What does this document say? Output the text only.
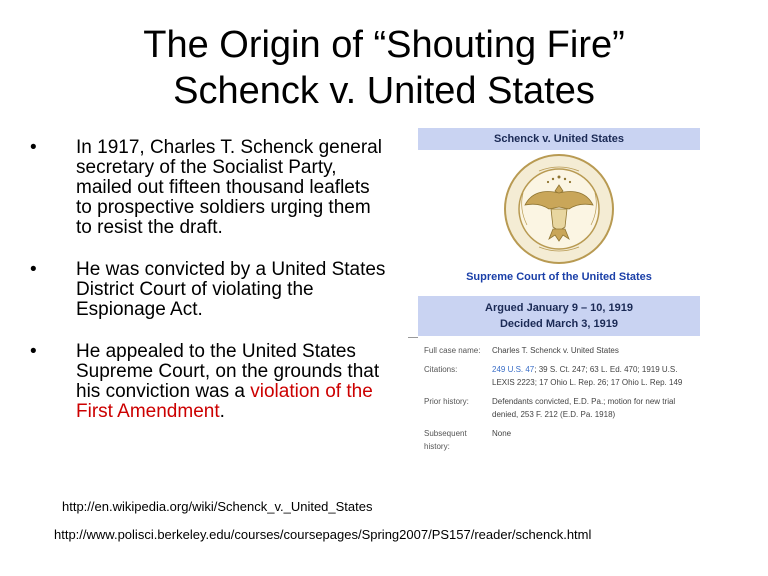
The Origin of “Shouting Fire”
Schenck v. United States
•	In 1917, Charles T. Schenck general secretary of the Socialist Party, mailed out fifteen thousand leaflets to prospective soldiers urging them to resist the draft.
•	He was convicted by a United States District Court of violating the Espionage Act.
•	He appealed to the United States Supreme Court, on the grounds that his conviction was a violation of the First Amendment.
Schenck v. United States
Supreme Court of the United States
Argued January 9 – 10, 1919
Decided March 3, 1919
Full case name:	Charles T. Schenck v. United States
Citations:	249 U.S. 47; 39 S. Ct. 247; 63 L. Ed. 470; 1919 U.S. LEXIS 2223; 17 Ohio L. Rep. 26; 17 Ohio L. Rep. 149
Prior history:	Defendants convicted, E.D. Pa.; motion for new trial denied, 253 F. 212 (E.D. Pa. 1918)
Subsequent history:
None
http://en.wikipedia.org/wiki/Schenck_v._United_States
http://www.polisci.berkeley.edu/courses/coursepages/Spring2007/PS157/reader/schenck.html
